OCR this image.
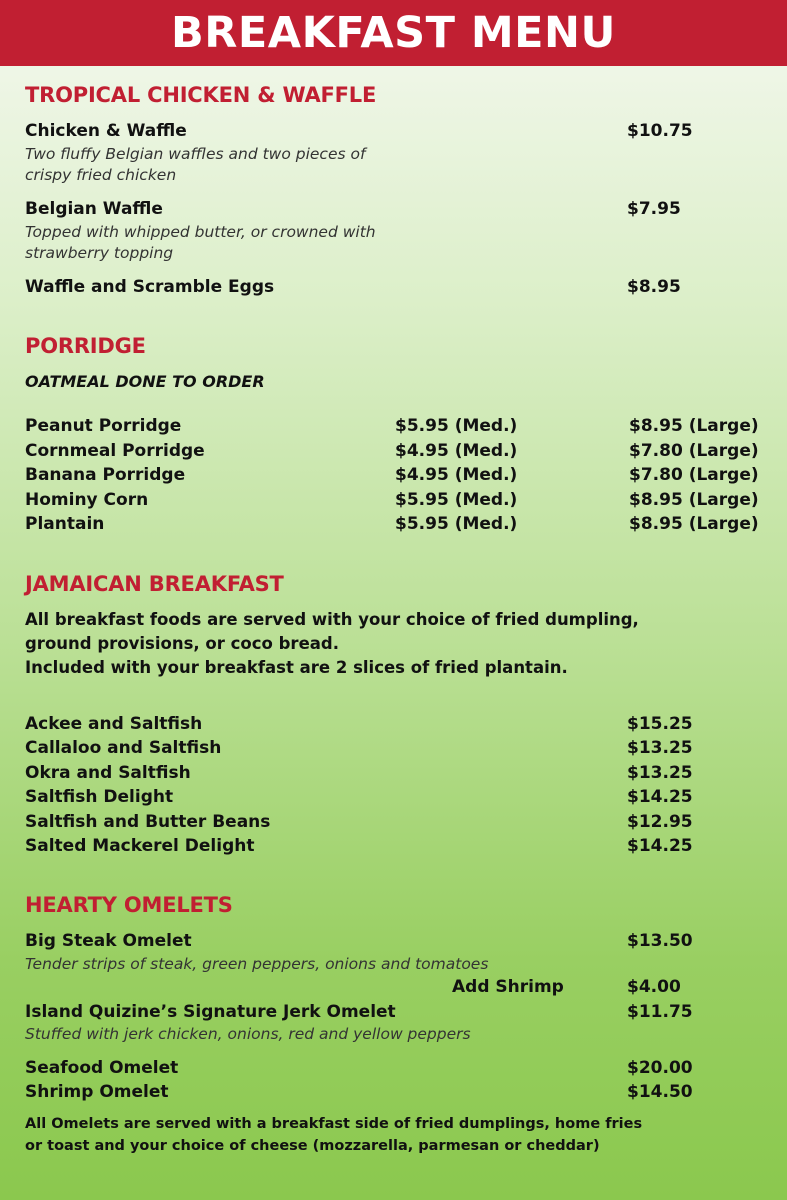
BREAKFAST MENU
TROPICAL CHICKEN & WAFFLE
Chicken & Waffle	$10.75
Two fluffy Belgian waffles and two pieces of
crispy fried chicken
Belgian Waffle	$7.95
Topped with whipped butter, or crowned with
strawberry topping
Waffle and Scramble Eggs	$8.95
PORRIDGE
OATMEAL DONE TO ORDER
Peanut Porridge	$5.95 (Med.)	$8.95 (Large)
Cornmeal Porridge	$4.95 (Med.)	$7.80 (Large)
Banana Porridge	$4.95 (Med.)	$7.80 (Large)
Hominy Corn	$5.95 (Med.)	$8.95 (Large)
Plantain	$5.95 (Med.)	$8.95 (Large)
JAMAICAN BREAKFAST
All breakfast foods are served with your choice of fried dumpling,
ground provisions, or coco bread.
Included with your breakfast are 2 slices of fried plantain.
Ackee and Saltfish	$15.25
Callaloo and Saltfish	$13.25
Okra and Saltfish	$13.25
Saltfish Delight	$14.25
Saltfish and Butter Beans	$12.95
Salted Mackerel Delight	$14.25
HEARTY OMELETS
Big Steak Omelet	$13.50
Tender strips of steak, green peppers, onions and tomatoes
Add Shrimp	$4.00
Island Quizine’s Signature Jerk Omelet	$11.75
Stuffed with jerk chicken, onions, red and yellow peppers
Seafood Omelet	$20.00
Shrimp Omelet	$14.50
All Omelets are served with a breakfast side of fried dumplings, home fries
or toast and your choice of cheese (mozzarella, parmesan or cheddar)
